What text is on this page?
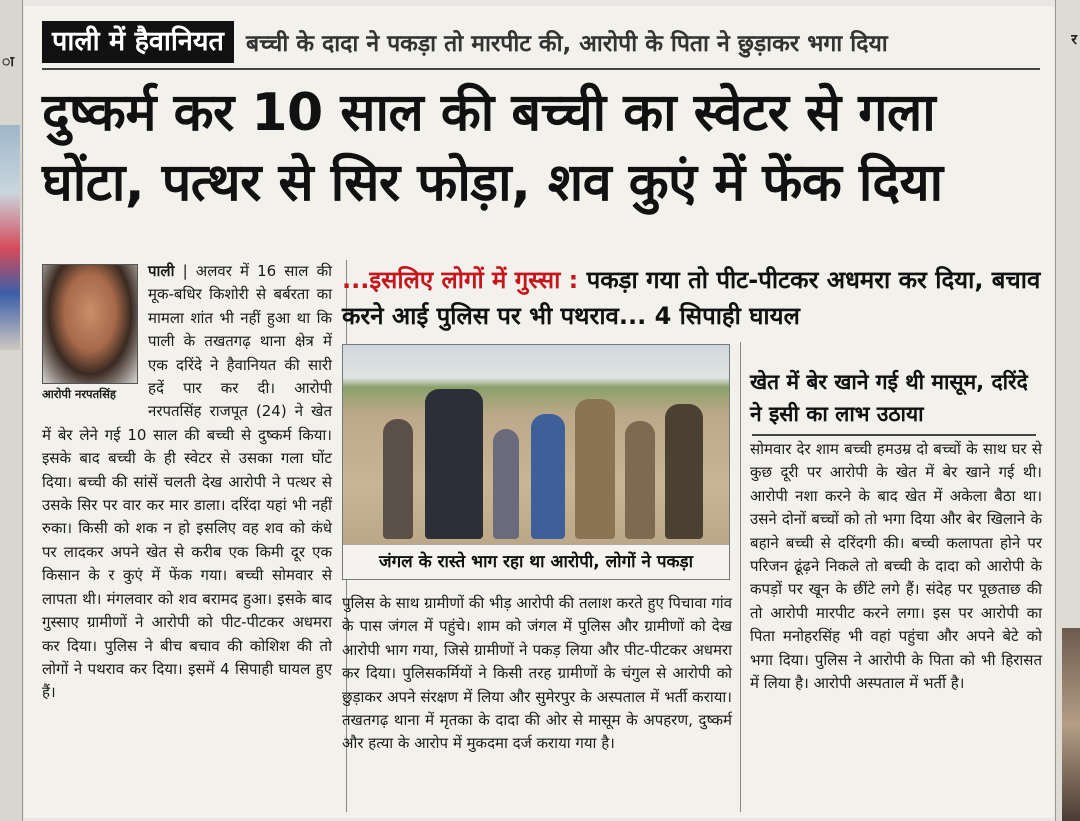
ा
र
पाली में हैवानियत बच्ची के दादा ने पकड़ा तो मारपीट की, आरोपी के पिता ने छुड़ाकर भगा दिया
दुष्कर्म कर 10 साल की बच्ची का स्वेटर से गला
घोंटा, पत्थर से सिर फोड़ा, शव कुएं में फेंक दिया

पाली
आरोपी नरपतसिंह
| अलवर में 16 साल की मूक-बधिर किशोरी से बर्बरता का मामला शांत भी नहीं हुआ था कि पाली के तखतगढ़ थाना क्षेत्र में एक दरिंदे ने हैवानियत की सारी हदें पार कर दी। आरोपी नरपतसिंह राजपूत (24) ने खेत में बेर लेने गई 10 साल की बच्ची से दुष्कर्म किया। इसके बाद बच्ची के ही स्वेटर से उसका गला घोंट दिया। बच्ची की सांसें चलती देख आरोपी ने पत्थर से उसके सिर पर वार कर मार डाला। दरिंदा यहां भी नहीं रुका। किसी को शक न हो इसलिए वह शव को कंधे पर लादकर अपने खेत से करीब एक किमी दूर एक किसान के र कुएं में फेंक गया। बच्ची सोमवार से लापता थी। मंगलवार को शव बरामद हुआ। इसके बाद गुस्साए ग्रामीणों ने आरोपी को पीट-पीटकर अधमरा कर दिया। पुलिस ने बीच बचाव की कोशिश की तो लोगों ने पथराव कर दिया। इसमें 4 सिपाही घायल हुए हैं।

...इसलिए लोगों में गुस्सा : पकड़ा गया तो पीट-पीटकर अधमरा कर दिया, बचाव करने आई पुलिस पर भी पथराव... 4 सिपाही घायल
जंगल के रास्ते भाग रहा था आरोपी, लोगों ने पकड़ा

पुलिस के साथ ग्रामीणों की भीड़ आरोपी की तलाश करते हुए पिचावा गांव के पास जंगल में पहुंचे। शाम को जंगल में पुलिस और ग्रामीणों को देख आरोपी भाग गया, जिसे ग्रामीणों ने पकड़ लिया और पीट-पीटकर अधमरा कर दिया। पुलिसकर्मियों ने किसी तरह ग्रामीणों के चंगुल से आरोपी को छुड़ाकर अपने संरक्षण में लिया और सुमेरपुर के अस्पताल में भर्ती कराया। तखतगढ़ थाना में मृतका के दादा की ओर से मासूम के अपहरण, दुष्कर्म और हत्या के आरोप में मुकदमा दर्ज कराया गया है।

खेत में बेर खाने गई थी मासूम, दरिंदे ने इसी का लाभ उठाया

सोमवार देर शाम बच्ची हमउम्र दो बच्चों के साथ घर से कुछ दूरी पर आरोपी के खेत में बेर खाने गई थी। आरोपी नशा करने के बाद खेत में अकेला बैठा था। उसने दोनों बच्चों को तो भगा दिया और बेर खिलाने के बहाने बच्ची से दरिंदगी की। बच्ची कलापता होने पर परिजन ढूंढ़ने निकले तो बच्ची के दादा को आरोपी के कपड़ों पर खून के छींटे लगे हैं। संदेह पर पूछताछ की तो आरोपी मारपीट करने लगा। इस पर आरोपी का पिता मनोहरसिंह भी वहां पहुंचा और अपने बेटे को भगा दिया। पुलिस ने आरोपी के पिता को भी हिरासत में लिया है। आरोपी अस्पताल में भर्ती है।
